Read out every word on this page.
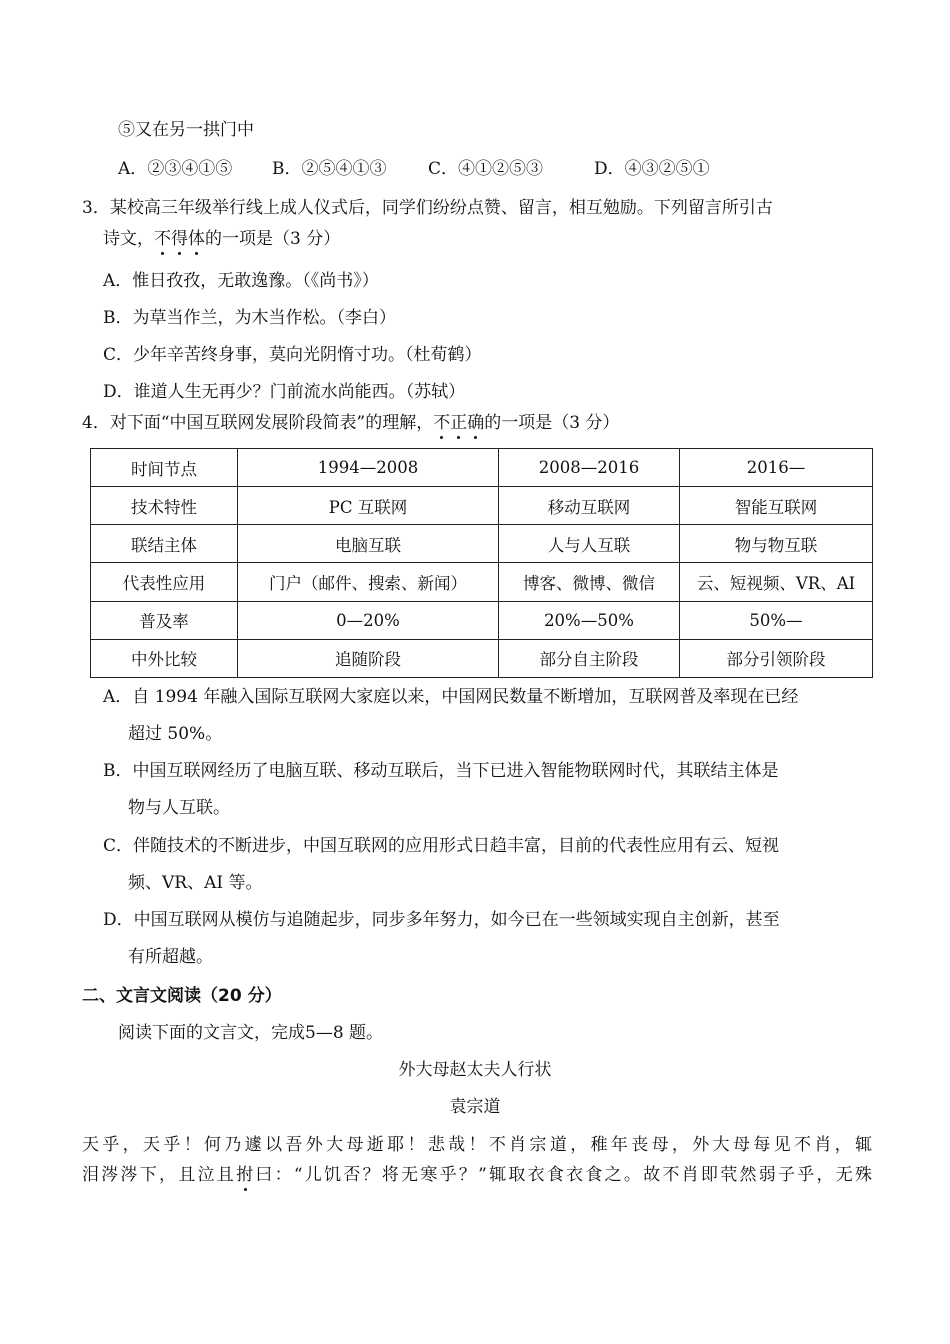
⑤又在另一拱门中
A．②③④①⑤ B．②⑤④①③ C．④①②⑤③	D．④③②⑤①
3．某校高三年级举行线上成人仪式后，同学们纷纷点赞、留言，相互勉励。下列留言所引古
诗文，不得体的一项是（3 分）
A．惟日孜孜，无敢逸豫。（《尚书》）
B．为草当作兰，为木当作松。（李白）
C．少年辛苦终身事，莫向光阴惰寸功。（杜荀鹤）
D．谁道人生无再少？门前流水尚能西。（苏轼）
4．对下面“中国互联网发展阶段简表”的理解，不正确的一项是（3 分）
时间节点	1994—2008	2008—2016	2016—
技术特性	PC 互联网	移动互联网	智能互联网
联结主体	电脑互联	人与人互联	物与物互联
代表性应用	门户（邮件、搜索、新闻）	博客、微博、微信	云、短视频、VR、AI
普及率	0—20%	20%—50%	50%—
中外比较	追随阶段	部分自主阶段	部分引领阶段
A．自 1994 年融入国际互联网大家庭以来，中国网民数量不断增加，互联网普及率现在已经
超过 50%。
B．中国互联网经历了电脑互联、移动互联后，当下已进入智能物联网时代，其联结主体是
物与人互联。
C．伴随技术的不断进步，中国互联网的应用形式日趋丰富，目前的代表性应用有云、短视
频、VR、AI 等。
D．中国互联网从模仿与追随起步，同步多年努力，如今已在一些领域实现自主创新，甚至
有所超越。
二、文言文阅读（20 分）
阅读下面的文言文，完成5—8 题。
外大母赵太夫人行状
袁宗道
天乎，天乎！何乃遽以吾外大母逝耶！悲哉！不肖宗道，稚年丧母，外大母每见不肖，辄
泪涔涔下，且泣且拊曰：“儿饥否？将无寒乎？”辄取衣食衣食之。故不肖即茕然弱子乎，无殊
